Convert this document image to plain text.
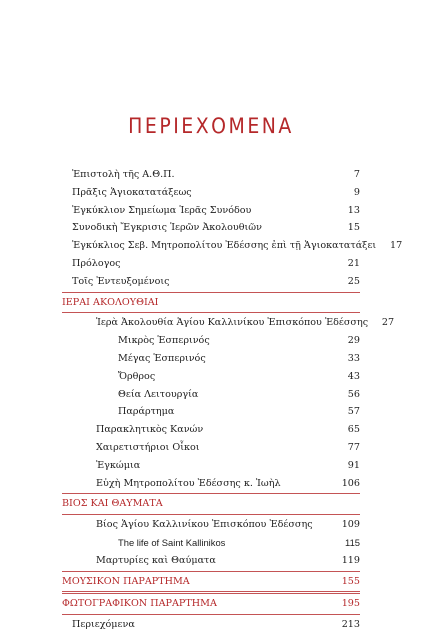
ΠΕΡΙΕΧΟΜΕΝΑ
Ἐπιστολὴ τῆς Α.Θ.Π.	7
Πρᾶξις Ἁγιοκατατάξεως	9
Ἐγκύκλιον Σημείωμα Ἱερᾶς Συνόδου	13
Συνοδικὴ Ἔγκρισις Ἱερῶν Ἀκολουθιῶν	15
Ἐγκύκλιος Σεβ. Μητροπολίτου Ἐδέσσης ἐπὶ τῇ Ἁγιοκατατάξει	17
Πρόλογος	21
Τοῖς Ἐντευξομένοις	25
ΙΕΡΑΙ ΑΚΟΛΟΥΘΙΑΙ
Ἱερὰ Ἀκολουθία Ἁγίου Καλλινίκου Ἐπισκόπου Ἐδέσσης	27
Μικρὸς Ἑσπερινός	29
Μέγας Ἑσπερινός	33
Ὄρθρος	43
Θεία Λειτουργία	56
Παράρτημα	57
Παρακλητικὸς Κανών	65
Χαιρετιστήριοι Οἶκοι	77
Ἐγκώμια	91
Εὐχὴ Μητροπολίτου Ἐδέσσης κ. Ἰωὴλ	106
ΒΙΟΣ ΚΑΙ ΘΑΥΜΑΤΑ
Βίος Ἁγίου Καλλινίκου Ἐπισκόπου Ἐδέσσης	109
The life of Saint Kallinikos	115
Μαρτυρίες καὶ Θαύματα	119
ΜΟΥΣΙΚΟΝ ΠΑΡΑΡΤΗΜΑ	155
ΦΩΤΟΓΡΑΦΙΚΟΝ ΠΑΡΑΡΤΗΜΑ	195
Περιεχόμενα	213
